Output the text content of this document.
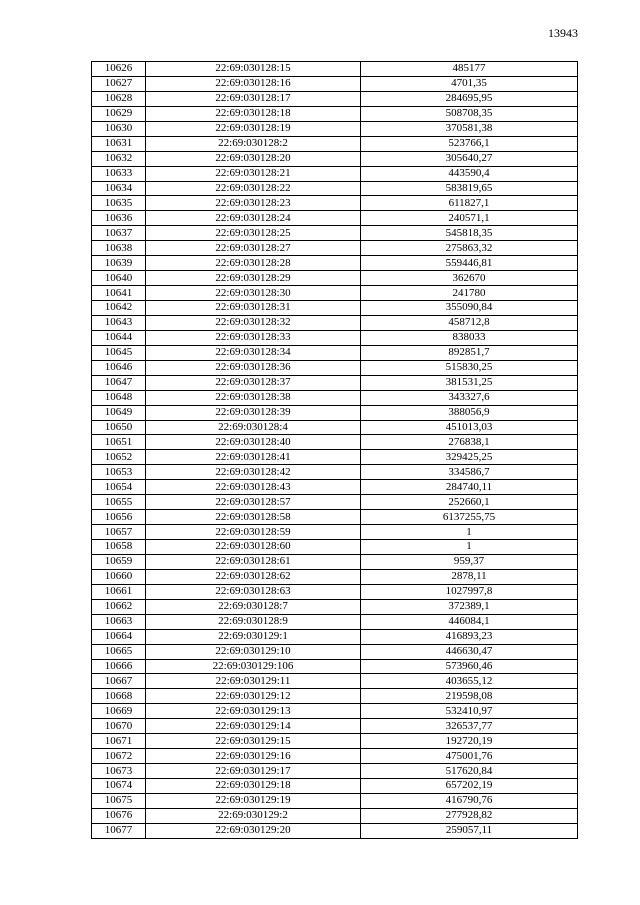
13943
10626	22:69:030128:15	485177
10627	22:69:030128:16	4701,35
10628	22:69:030128:17	284695,95
10629	22:69:030128:18	508708,35
10630	22:69:030128:19	370581,38
10631	22:69:030128:2	523766,1
10632	22:69:030128:20	305640,27
10633	22:69:030128:21	443590,4
10634	22:69:030128:22	583819,65
10635	22:69:030128:23	611827,1
10636	22:69:030128:24	240571,1
10637	22:69:030128:25	545818,35
10638	22:69:030128:27	275863,32
10639	22:69:030128:28	559446,81
10640	22:69:030128:29	362670
10641	22:69:030128:30	241780
10642	22:69:030128:31	355090,84
10643	22:69:030128:32	458712,8
10644	22:69:030128:33	838033
10645	22:69:030128:34	892851,7
10646	22:69:030128:36	515830,25
10647	22:69:030128:37	381531,25
10648	22:69:030128:38	343327,6
10649	22:69:030128:39	388056,9
10650	22:69:030128:4	451013,03
10651	22:69:030128:40	276838,1
10652	22:69:030128:41	329425,25
10653	22:69:030128:42	334586,7
10654	22:69:030128:43	284740,11
10655	22:69:030128:57	252660,1
10656	22:69:030128:58	6137255,75
10657	22:69:030128:59	1
10658	22:69:030128:60	1
10659	22:69:030128:61	959,37
10660	22:69:030128:62	2878,11
10661	22:69:030128:63	1027997,8
10662	22:69:030128:7	372389,1
10663	22:69:030128:9	446084,1
10664	22:69:030129:1	416893,23
10665	22:69:030129:10	446630,47
10666	22:69:030129:106	573960,46
10667	22:69:030129:11	403655,12
10668	22:69:030129:12	219598,08
10669	22:69:030129:13	532410,97
10670	22:69:030129:14	326537,77
10671	22:69:030129:15	192720,19
10672	22:69:030129:16	475001,76
10673	22:69:030129:17	517620,84
10674	22:69:030129:18	657202,19
10675	22:69:030129:19	416790,76
10676	22:69:030129:2	277928,82
10677	22:69:030129:20	259057,11
